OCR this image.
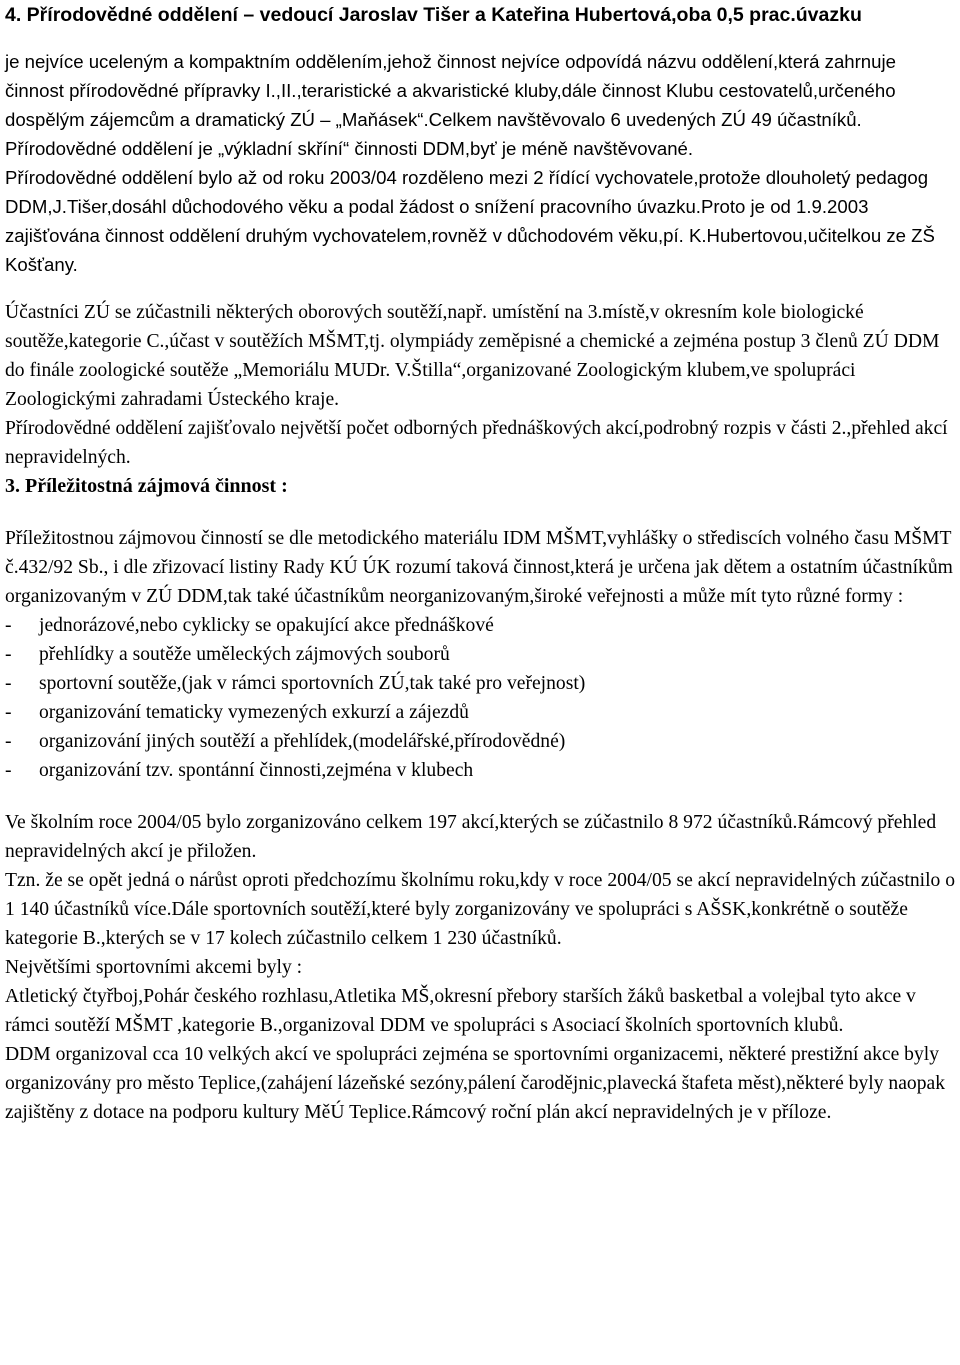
4. Přírodovědné oddělení – vedoucí Jaroslav Tišer a Kateřina Hubertová,oba 0,5 prac.úvazku

je nejvíce uceleným a kompaktním oddělením,jehož činnost nejvíce odpovídá názvu oddělení,která zahrnuje činnost přírodovědné přípravky I.,II.,teraristické a akvaristické kluby,dále činnost Klubu cestovatelů,určeného dospělým zájemcům a dramatický ZÚ – „Maňásek“.Celkem navštěvovalo 6 uvedených ZÚ 49 účastníků.

Přírodovědné oddělení je „výkladní skříní“ činnosti DDM,byť je méně navštěvované.

Přírodovědné oddělení bylo až od roku 2003/04 rozděleno mezi 2 řídící vychovatele,protože dlouholetý pedagog DDM,J.Tišer,dosáhl důchodového věku a podal žádost o snížení pracovního úvazku.Proto je od 1.9.2003 zajišťována činnost oddělení druhým vychovatelem,rovněž v důchodovém věku,pí. K.Hubertovou,učitelkou ze ZŠ Košťany.

Účastníci ZÚ se zúčastnili některých oborových soutěží,např. umístění na 3.místě,v okresním kole biologické soutěže,kategorie C.,účast v soutěžích MŠMT,tj. olympiády zeměpisné a chemické a zejména postup 3 členů ZÚ DDM do finále zoologické soutěže „Memoriálu MUDr. V.Štilla“,organizované Zoologickým klubem,ve spolupráci Zoologickými zahradami Ústeckého kraje.

Přírodovědné oddělení zajišťovalo největší počet odborných přednáškových akcí,podrobný rozpis v části 2.,přehled akcí nepravidelných.

3. Příležitostná zájmová činnost :

Příležitostnou zájmovou činností se dle metodického materiálu IDM MŠMT,vyhlášky o střediscích volného času MŠMT č.432/92 Sb., i dle zřizovací listiny Rady KÚ ÚK rozumí taková činnost,která je určena jak dětem a ostatním účastníkům organizovaným v ZÚ DDM,tak také účastníkům neorganizovaným,široké veřejnosti a může mít tyto různé formy :

-	jednorázové,nebo cyklicky se opakující akce přednáškové
-	přehlídky a soutěže uměleckých zájmových souborů
-	sportovní soutěže,(jak v rámci sportovních ZÚ,tak také pro veřejnost)
-	organizování tematicky vymezených exkurzí a zájezdů
-	organizování jiných soutěží a přehlídek,(modelářské,přírodovědné)
-	organizování tzv. spontánní činnosti,zejména v klubech

Ve školním roce 2004/05 bylo zorganizováno celkem 197 akcí,kterých se zúčastnilo 8 972 účastníků.Rámcový přehled nepravidelných akcí je přiložen.

Tzn. že se opět jedná o nárůst oproti předchozímu školnímu roku,kdy v roce 2004/05 se akcí nepravidelných zúčastnilo o 1 140 účastníků více.Dále sportovních soutěží,které byly zorganizovány ve spolupráci s AŠSK,konkrétně o soutěže kategorie B.,kterých se v 17 kolech zúčastnilo celkem 1 230 účastníků.

Největšími sportovními akcemi byly :

Atletický čtyřboj,Pohár českého rozhlasu,Atletika MŠ,okresní přebory starších žáků basketbal a volejbal tyto akce v rámci soutěží MŠMT ,kategorie B.,organizoval DDM ve spolupráci s Asociací školních sportovních klubů.

DDM organizoval cca 10 velkých akcí ve spolupráci zejména se sportovními organizacemi, některé prestižní akce byly organizovány pro město Teplice,(zahájení lázeňské sezóny,pálení čarodějnic,plavecká štafeta měst),některé byly naopak zajištěny z dotace na podporu kultury MěÚ Teplice.Rámcový roční plán akcí nepravidelných je v příloze.
